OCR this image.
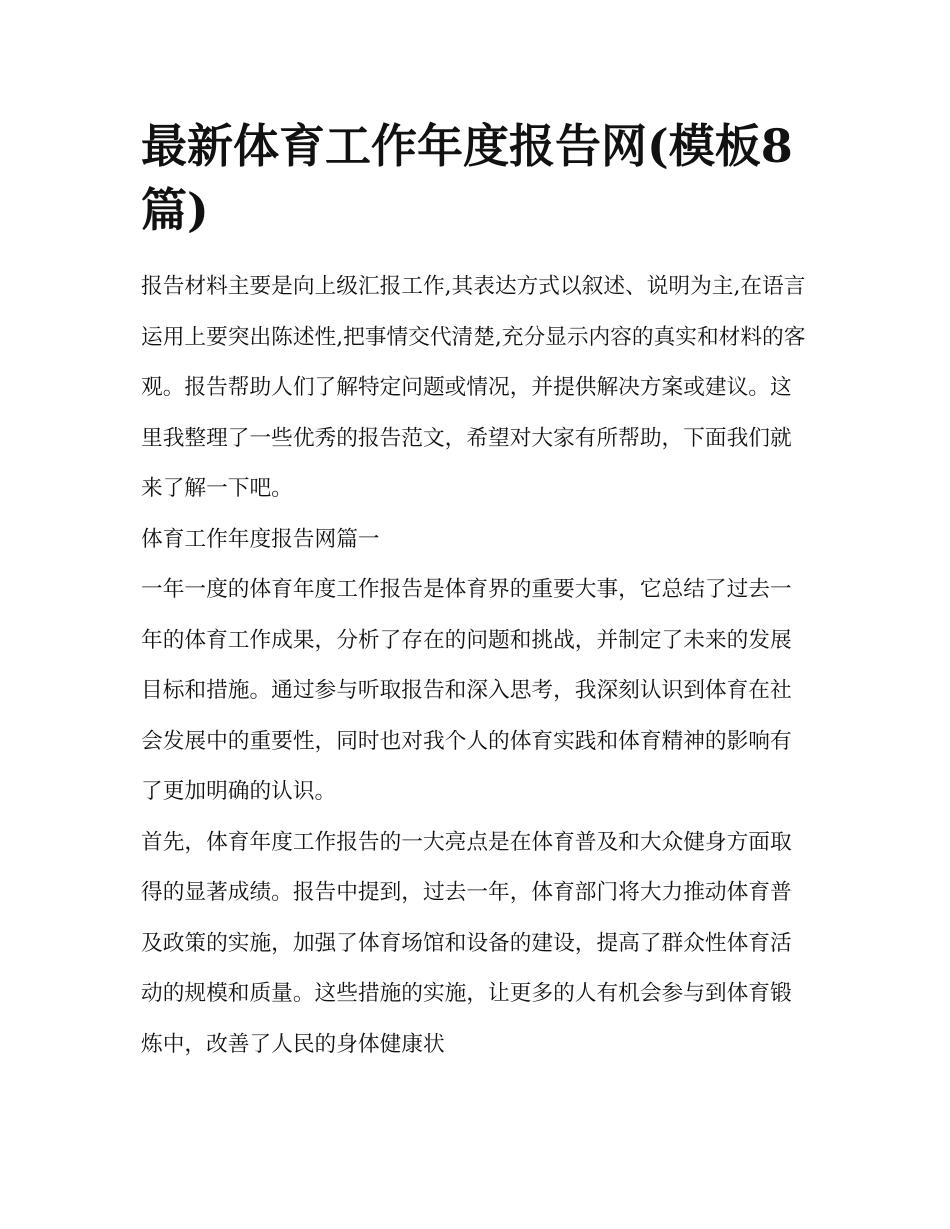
最新体育工作年度报告网(模板8篇)

报告材料主要是向上级汇报工作,其表达方式以叙述、说明为主,在语言运用上要突出陈述性,把事情交代清楚,充分显示内容的真实和材料的客观。报告帮助人们了解特定问题或情况，并提供解决方案或建议。这里我整理了一些优秀的报告范文，希望对大家有所帮助，下面我们就来了解一下吧。

体育工作年度报告网篇一

一年一度的体育年度工作报告是体育界的重要大事，它总结了过去一年的体育工作成果，分析了存在的问题和挑战，并制定了未来的发展目标和措施。通过参与听取报告和深入思考，我深刻认识到体育在社会发展中的重要性，同时也对我个人的体育实践和体育精神的影响有了更加明确的认识。

首先，体育年度工作报告的一大亮点是在体育普及和大众健身方面取得的显著成绩。报告中提到，过去一年，体育部门将大力推动体育普及政策的实施，加强了体育场馆和设备的建设，提高了群众性体育活动的规模和质量。这些措施的实施，让更多的人有机会参与到体育锻炼中，改善了人民的身体健康状
